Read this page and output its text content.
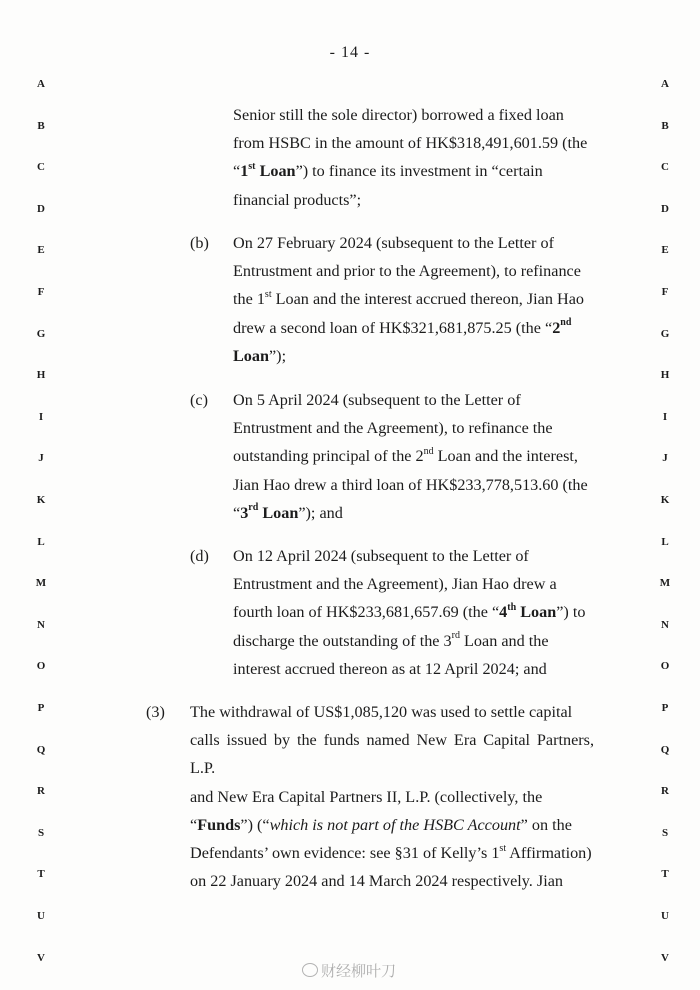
- 14 -
A
B
C
D
E
F
G
H
I
J
K
L
M
N
O
P
Q
R
S
T
U
V
A
B
C
D
E
F
G
H
I
J
K
L
M
N
O
P
Q
R
S
T
U
V

Senior still the sole director) borrowed a fixed loan

from HSBC in the amount of HK$318,491,601.59 (the

“1st Loan”) to finance its investment in “certain

financial products”;

(b) On 27 February 2024 (subsequent to the Letter of

Entrustment and prior to the Agreement), to refinance

the 1st Loan and the interest accrued thereon, Jian Hao

drew a second loan of HK$321,681,875.25 (the “2nd

Loan”);

(c) On 5 April 2024 (subsequent to the Letter of

Entrustment and the Agreement), to refinance the

outstanding principal of the 2nd Loan and the interest,

Jian Hao drew a third loan of HK$233,778,513.60 (the

“3rd Loan”); and

(d) On 12 April 2024 (subsequent to the Letter of

Entrustment and the Agreement), Jian Hao drew a

fourth loan of HK$233,681,657.69 (the “4th Loan”) to

discharge the outstanding of the 3rd Loan and the

interest accrued thereon as at 12 April 2024; and

(3) The withdrawal of US$1,085,120 was used to settle capital

calls issued by the funds named New Era Capital Partners, L.P.

and New Era Capital Partners II, L.P. (collectively, the

“Funds”) (“which is not part of the HSBC Account” on the

Defendants’ own evidence: see §31 of Kelly’s 1st Affirmation)

on 22 January 2024 and 14 March 2024 respectively. Jian

财经柳叶刀
